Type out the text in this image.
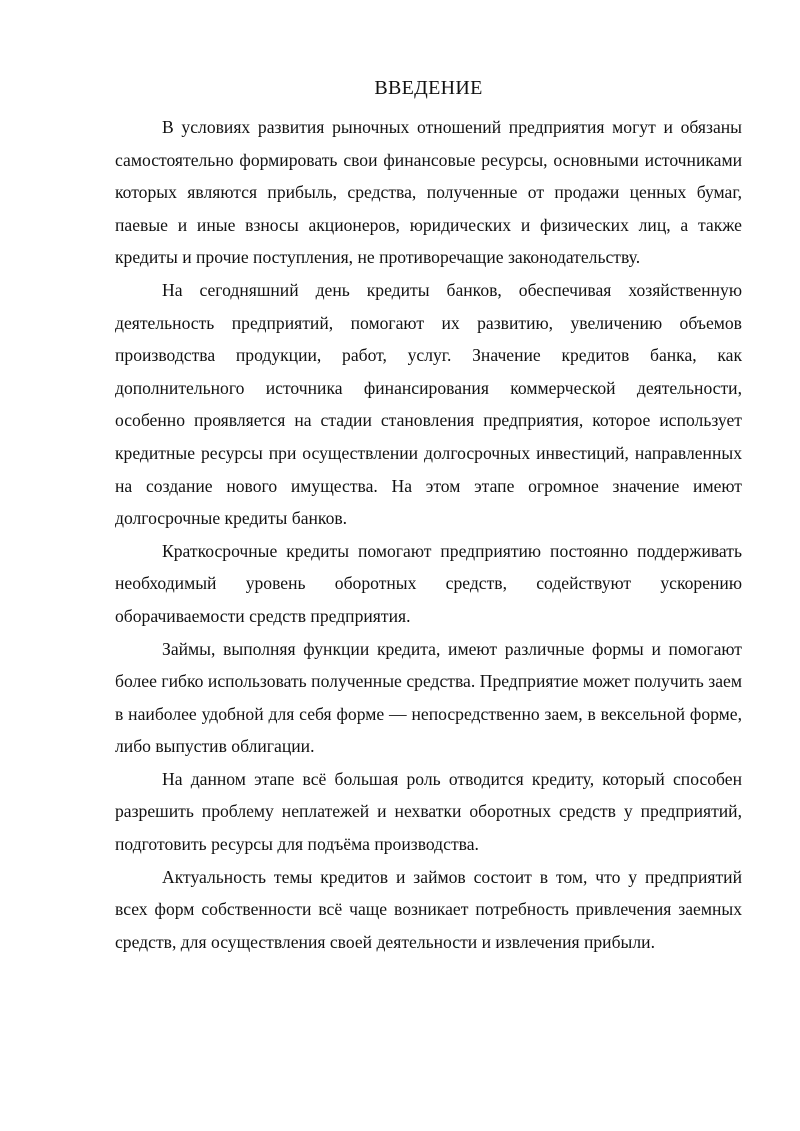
ВВЕДЕНИЕ

В условиях развития рыночных отношений предприятия могут и обязаны самостоятельно формировать свои финансовые ресурсы, основными источниками которых являются прибыль, средства, полученные от продажи ценных бумаг, паевые и иные взносы акционеров, юридических и физических лиц, а также кредиты и прочие поступления, не противоречащие законодательству.

На сегодняшний день кредиты банков, обеспечивая хозяйственную деятельность предприятий, помогают их развитию, увеличению объемов производства продукции, работ, услуг. Значение кредитов банка, как дополнительного источника финансирования коммерческой деятельности, особенно проявляется на стадии становления предприятия, которое использует кредитные ресурсы при осуществлении долгосрочных инвестиций, направленных на создание нового имущества. На этом этапе огромное значение имеют долгосрочные кредиты банков.

Краткосрочные кредиты помогают предприятию постоянно поддерживать необходимый уровень оборотных средств, содействуют ускорению оборачиваемости средств предприятия.

Займы, выполняя функции кредита, имеют различные формы и помогают более гибко использовать полученные средства. Предприятие может получить заем в наиболее удобной для себя форме — непосредственно заем, в вексельной форме, либо выпустив облигации.

На данном этапе всё большая роль отводится кредиту, который способен разрешить проблему неплатежей и нехватки оборотных средств у предприятий, подготовить ресурсы для подъёма производства.

Актуальность темы кредитов и займов состоит в том, что у предприятий всех форм собственности всё чаще возникает потребность привлечения заемных средств, для осуществления своей деятельности и извлечения прибыли.
